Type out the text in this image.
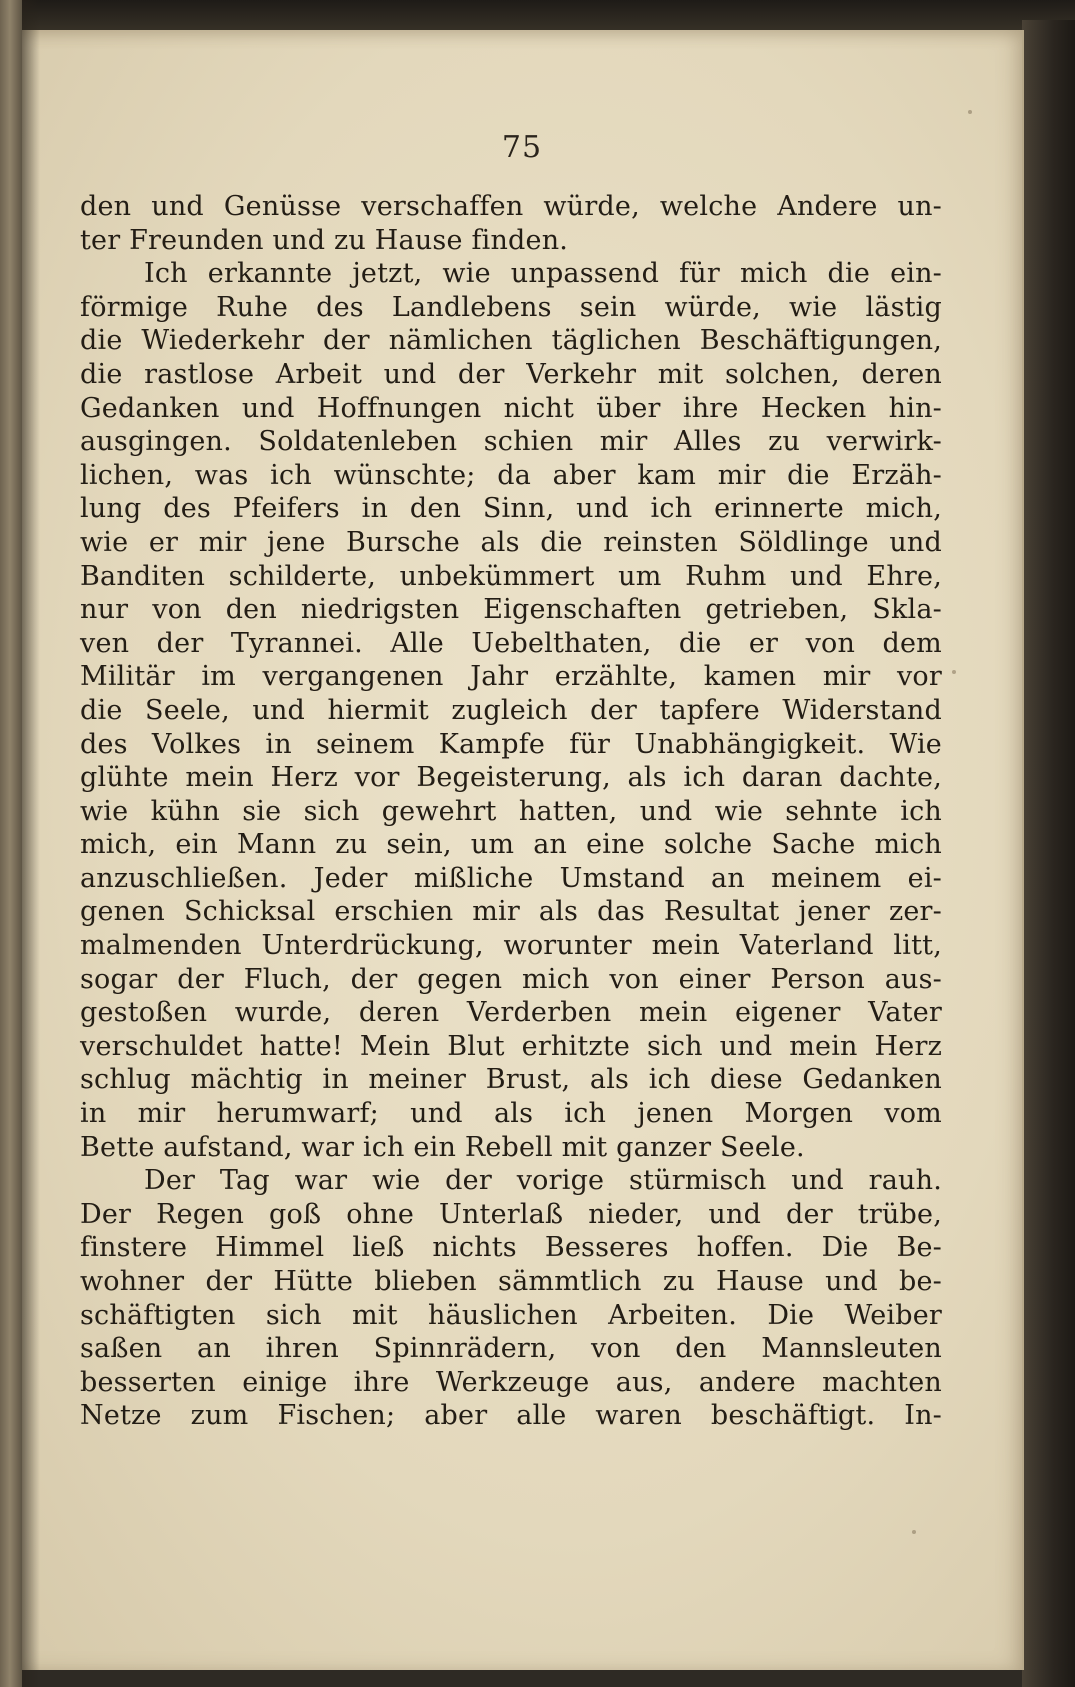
75
den und Genüsse verschaffen würde, welche Andere un-
ter Freunden und zu Hause finden.
Ich erkannte jetzt, wie unpassend für mich die ein-
förmige Ruhe des Landlebens sein würde, wie lästig
die Wiederkehr der nämlichen täglichen Beschäftigungen,
die rastlose Arbeit und der Verkehr mit solchen, deren
Gedanken und Hoffnungen nicht über ihre Hecken hin-
ausgingen. Soldatenleben schien mir Alles zu verwirk-
lichen, was ich wünschte; da aber kam mir die Erzäh-
lung des Pfeifers in den Sinn, und ich erinnerte mich,
wie er mir jene Bursche als die reinsten Söldlinge und
Banditen schilderte, unbekümmert um Ruhm und Ehre,
nur von den niedrigsten Eigenschaften getrieben, Skla-
ven der Tyrannei. Alle Uebelthaten, die er von dem
Militär im vergangenen Jahr erzählte, kamen mir vor
die Seele, und hiermit zugleich der tapfere Widerstand
des Volkes in seinem Kampfe für Unabhängigkeit. Wie
glühte mein Herz vor Begeisterung, als ich daran dachte,
wie kühn sie sich gewehrt hatten, und wie sehnte ich
mich, ein Mann zu sein, um an eine solche Sache mich
anzuschließen. Jeder mißliche Umstand an meinem ei-
genen Schicksal erschien mir als das Resultat jener zer-
malmenden Unterdrückung, worunter mein Vaterland litt,
sogar der Fluch, der gegen mich von einer Person aus-
gestoßen wurde, deren Verderben mein eigener Vater
verschuldet hatte! Mein Blut erhitzte sich und mein Herz
schlug mächtig in meiner Brust, als ich diese Gedanken
in mir herumwarf; und als ich jenen Morgen vom
Bette aufstand, war ich ein Rebell mit ganzer Seele.
Der Tag war wie der vorige stürmisch und rauh.
Der Regen goß ohne Unterlaß nieder, und der trübe,
finstere Himmel ließ nichts Besseres hoffen. Die Be-
wohner der Hütte blieben sämmtlich zu Hause und be-
schäftigten sich mit häuslichen Arbeiten. Die Weiber
saßen an ihren Spinnrädern, von den Mannsleuten
besserten einige ihre Werkzeuge aus, andere machten
Netze zum Fischen; aber alle waren beschäftigt. In-
